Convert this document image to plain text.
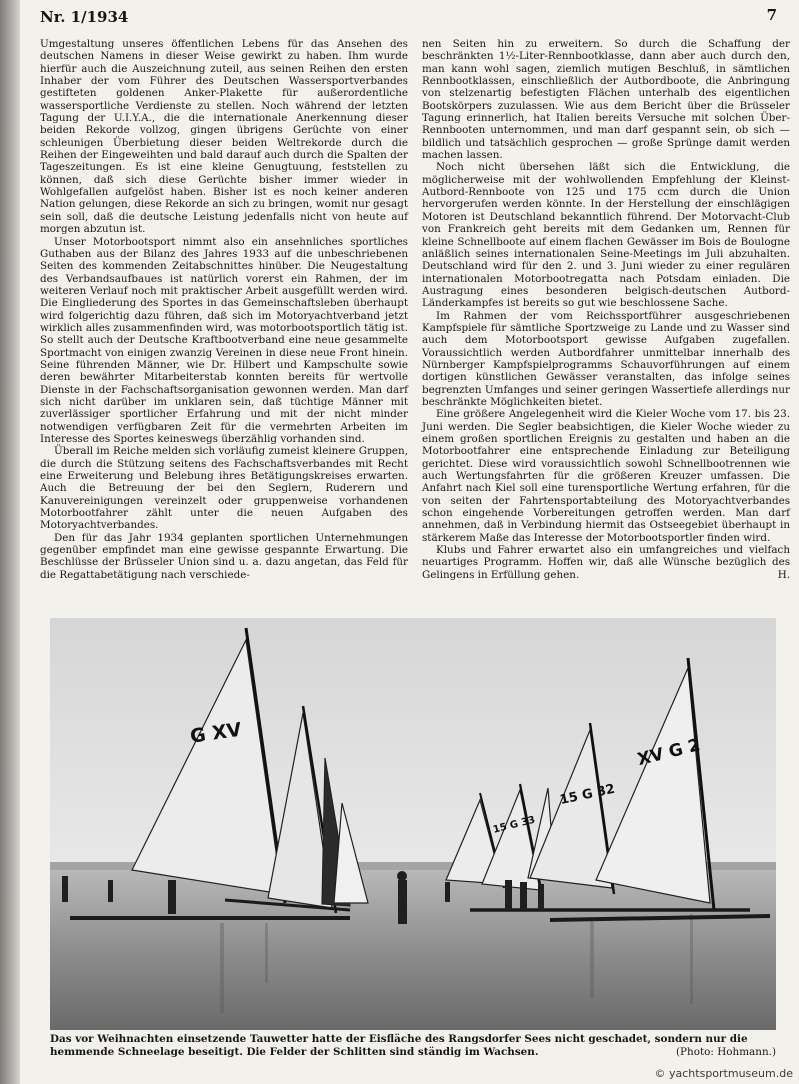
Nr. 1/1934	7

Umgestaltung unseres öffentlichen Lebens für das Ansehen des deutschen Namens in dieser Weise gewirkt zu haben. Ihm wurde hierfür auch die Auszeichnung zuteil, aus seinen Reihen den ersten Inhaber der vom Führer des Deutschen Wassersportverbandes gestifteten goldenen Anker-Plakette für außerordentliche wassersportliche Verdienste zu stellen. Noch während der letzten Tagung der U.I.Y.A., die die internationale Anerkennung dieser beiden Rekorde vollzog, gingen übrigens Gerüchte von einer schleunigen Überbietung dieser beiden Weltrekorde durch die Reihen der Eingeweihten und bald darauf auch durch die Spalten der Tageszeitungen. Es ist eine kleine Genugtuung, feststellen zu können, daß sich diese Gerüchte bisher immer wieder in Wohlgefallen aufgelöst haben. Bisher ist es noch keiner anderen Nation gelungen, diese Rekorde an sich zu bringen, womit nur gesagt sein soll, daß die deutsche Leistung jedenfalls nicht von heute auf morgen abzutun ist.

Unser Motorbootsport nimmt also ein ansehnliches sportliches Guthaben aus der Bilanz des Jahres 1933 auf die unbeschriebenen Seiten des kommenden Zeitabschnittes hinüber. Die Neugestaltung des Verbandsaufbaues ist natürlich vorerst ein Rahmen, der im weiteren Verlauf noch mit praktischer Arbeit ausgefüllt werden wird. Die Eingliederung des Sportes in das Gemeinschaftsleben überhaupt wird folgerichtig dazu führen, daß sich im Motoryachtverband jetzt wirklich alles zusammenfinden wird, was motorbootsportlich tätig ist. So stellt auch der Deutsche Kraftbootverband eine neue gesammelte Sportmacht von einigen zwanzig Vereinen in diese neue Front hinein. Seine führenden Männer, wie Dr. Hilbert und Kampschulte sowie deren bewährter Mitarbeiterstab konnten bereits für wertvolle Dienste in der Fachschaftsorganisation gewonnen werden. Man darf sich nicht darüber im unklaren sein, daß tüchtige Männer mit zuverlässiger sportlicher Erfahrung und mit der nicht minder notwendigen verfügbaren Zeit für die vermehrten Arbeiten im Interesse des Sportes keineswegs überzählig vorhanden sind.

Überall im Reiche melden sich vorläufig zumeist kleinere Gruppen, die durch die Stützung seitens des Fachschaftsverbandes mit Recht eine Erweiterung und Belebung ihres Betätigungskreises erwarten. Auch die Betreuung der bei den Seglern, Ruderern und Kanuvereinigungen vereinzelt oder gruppenweise vorhandenen Motorbootfahrer zählt unter die neuen Aufgaben des Motoryachtverbandes.

Den für das Jahr 1934 geplanten sportlichen Unternehmungen gegenüber empfindet man eine gewisse gespannte Erwartung. Die Beschlüsse der Brüsseler Union sind u. a. dazu angetan, das Feld für die Regattabetätigung nach verschiede-

nen Seiten hin zu erweitern. So durch die Schaffung der beschränkten 1½-Liter-Rennbootklasse, dann aber auch durch den, man kann wohl sagen, ziemlich mutigen Beschluß, in sämtlichen Rennbootklassen, einschließlich der Autbordboote, die Anbringung von stelzenartig befestigten Flächen unterhalb des eigentlichen Bootskörpers zuzulassen. Wie aus dem Bericht über die Brüsseler Tagung erinnerlich, hat Italien bereits Versuche mit solchen Über-Rennbooten unternommen, und man darf gespannt sein, ob sich — bildlich und tatsächlich gesprochen — große Sprünge damit werden machen lassen.

Noch nicht übersehen läßt sich die Entwicklung, die möglicherweise mit der wohlwollenden Empfehlung der Kleinst-Autbord-Rennboote von 125 und 175 ccm durch die Union hervorgerufen werden könnte. In der Herstellung der einschlägigen Motoren ist Deutschland bekanntlich führend. Der Motorvacht-Club von Frankreich geht bereits mit dem Gedanken um, Rennen für kleine Schnellboote auf einem flachen Gewässer im Bois de Boulogne anläßlich seines internationalen Seine-Meetings im Juli abzuhalten. Deutschland wird für den 2. und 3. Juni wieder zu einer regulären internationalen Motorbootregatta nach Potsdam einladen. Die Austragung eines besonderen belgisch-deutschen Autbord-Länderkampfes ist bereits so gut wie beschlossene Sache.

Im Rahmen der vom Reichssportführer ausgeschriebenen Kampfspiele für sämtliche Sportzweige zu Lande und zu Wasser sind auch dem Motorbootsport gewisse Aufgaben zugefallen. Voraussichtlich werden Autbordfahrer unmittelbar innerhalb des Nürnberger Kampfspielprogramms Schauvorführungen auf einem dortigen künstlichen Gewässer veranstalten, das infolge seines begrenzten Umfanges und seiner geringen Wassertiefe allerdings nur beschränkte Möglichkeiten bietet.

Eine größere Angelegenheit wird die Kieler Woche vom 17. bis 23. Juni werden. Die Segler beabsichtigen, die Kieler Woche wieder zu einem großen sportlichen Ereignis zu gestalten und haben an die Motorbootfahrer eine entsprechende Einladung zur Beteiligung gerichtet. Diese wird voraussichtlich sowohl Schnellbootrennen wie auch Wertungsfahrten für die größeren Kreuzer umfassen. Die Anfahrt nach Kiel soll eine turensportliche Wertung erfahren, für die von seiten der Fahrtensportabteilung des Motoryachtverbandes schon eingehende Vorbereitungen getroffen werden. Man darf annehmen, daß in Verbindung hiermit das Ostseegebiet überhaupt in stärkerem Maße das Interesse der Motorbootsportler finden wird.

Klubs und Fahrer erwartet also ein umfangreiches und vielfach neuartiges Programm. Hoffen wir, daß alle Wünsche bezüglich des Gelingens in Erfüllung gehen.	H.

G XV
15 G 32
15 G 33
XV G 2
Das vor Weihnachten einsetzende Tauwetter hatte der Eisfläche des Rangsdorfer Sees nicht geschadet, sondern nur die hemmende Schneelage beseitigt. Die Felder der Schlitten sind ständig im Wachsen.	(Photo: Hohmann.)
© yachtsportmuseum.de
